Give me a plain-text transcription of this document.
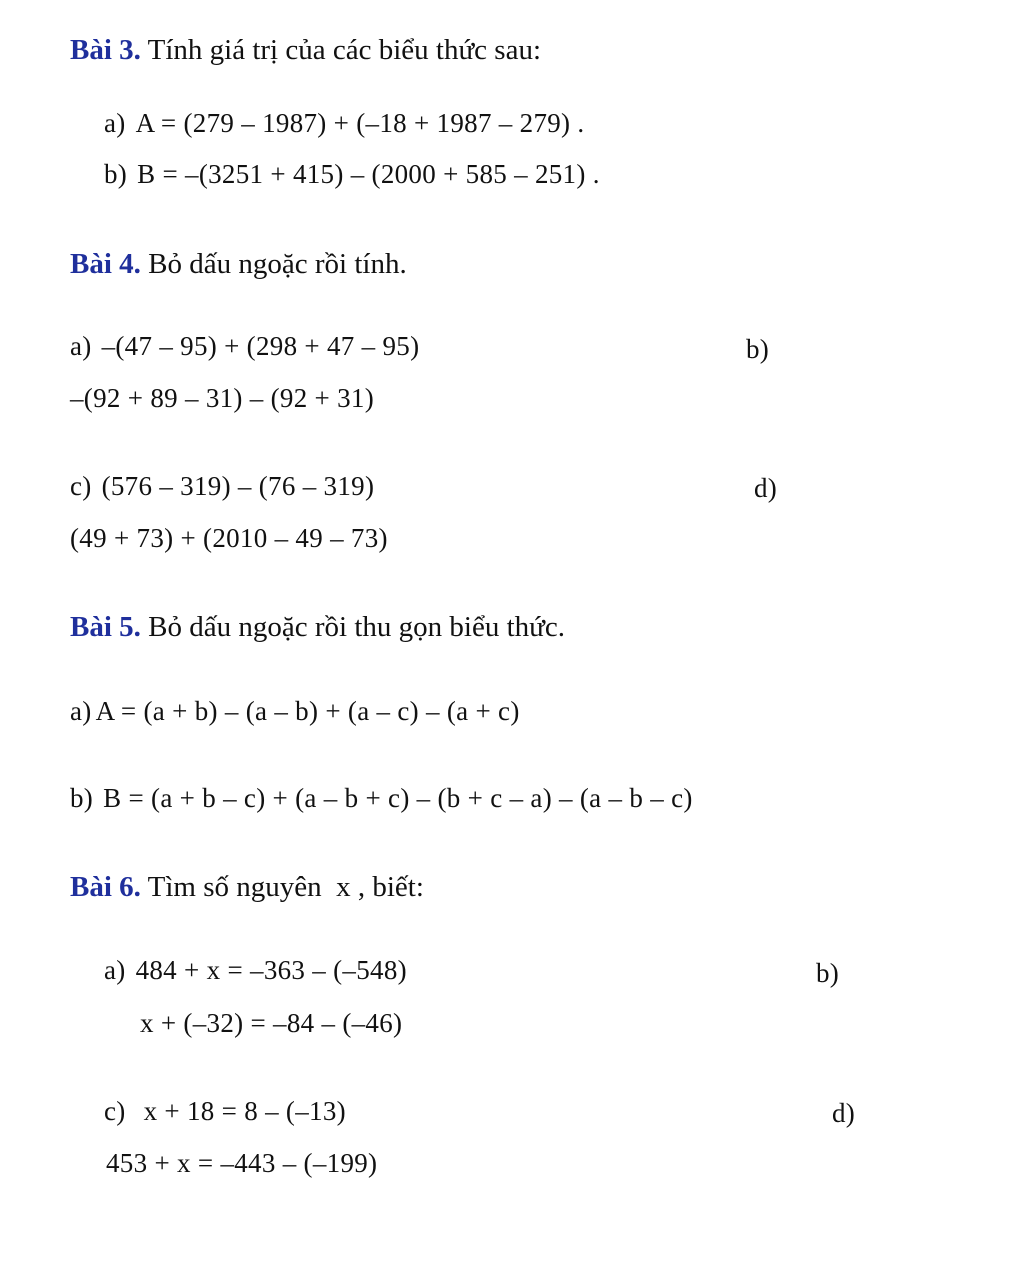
Bài 3. Tính giá trị của các biểu thức sau:
a) A = (279 – 1987) + (–18 + 1987 – 279) .
b) B = –(3251 + 415) – (2000 + 585 – 251) .
Bài 4. Bỏ dấu ngoặc rồi tính.
a) –(47 – 95) + (298 + 47 – 95)	b)
–(92 + 89 – 31) – (92 + 31)
c) (576 – 319) – (76 – 319)	d)
(49 + 73) + (2010 – 49 – 73)
Bài 5. Bỏ dấu ngoặc rồi thu gọn biểu thức.
a) A = (a + b) – (a – b) + (a – c) – (a + c)
b) B = (a + b – c) + (a – b + c) – (b + c – a) – (a – b – c)
Bài 6. Tìm số nguyên  x , biết:
a) 484 + x = –363 – (–548)	b)
x + (–32) = –84 – (–46)
c) x + 18 = 8 – (–13)	d)
453 + x = –443 – (–199)
